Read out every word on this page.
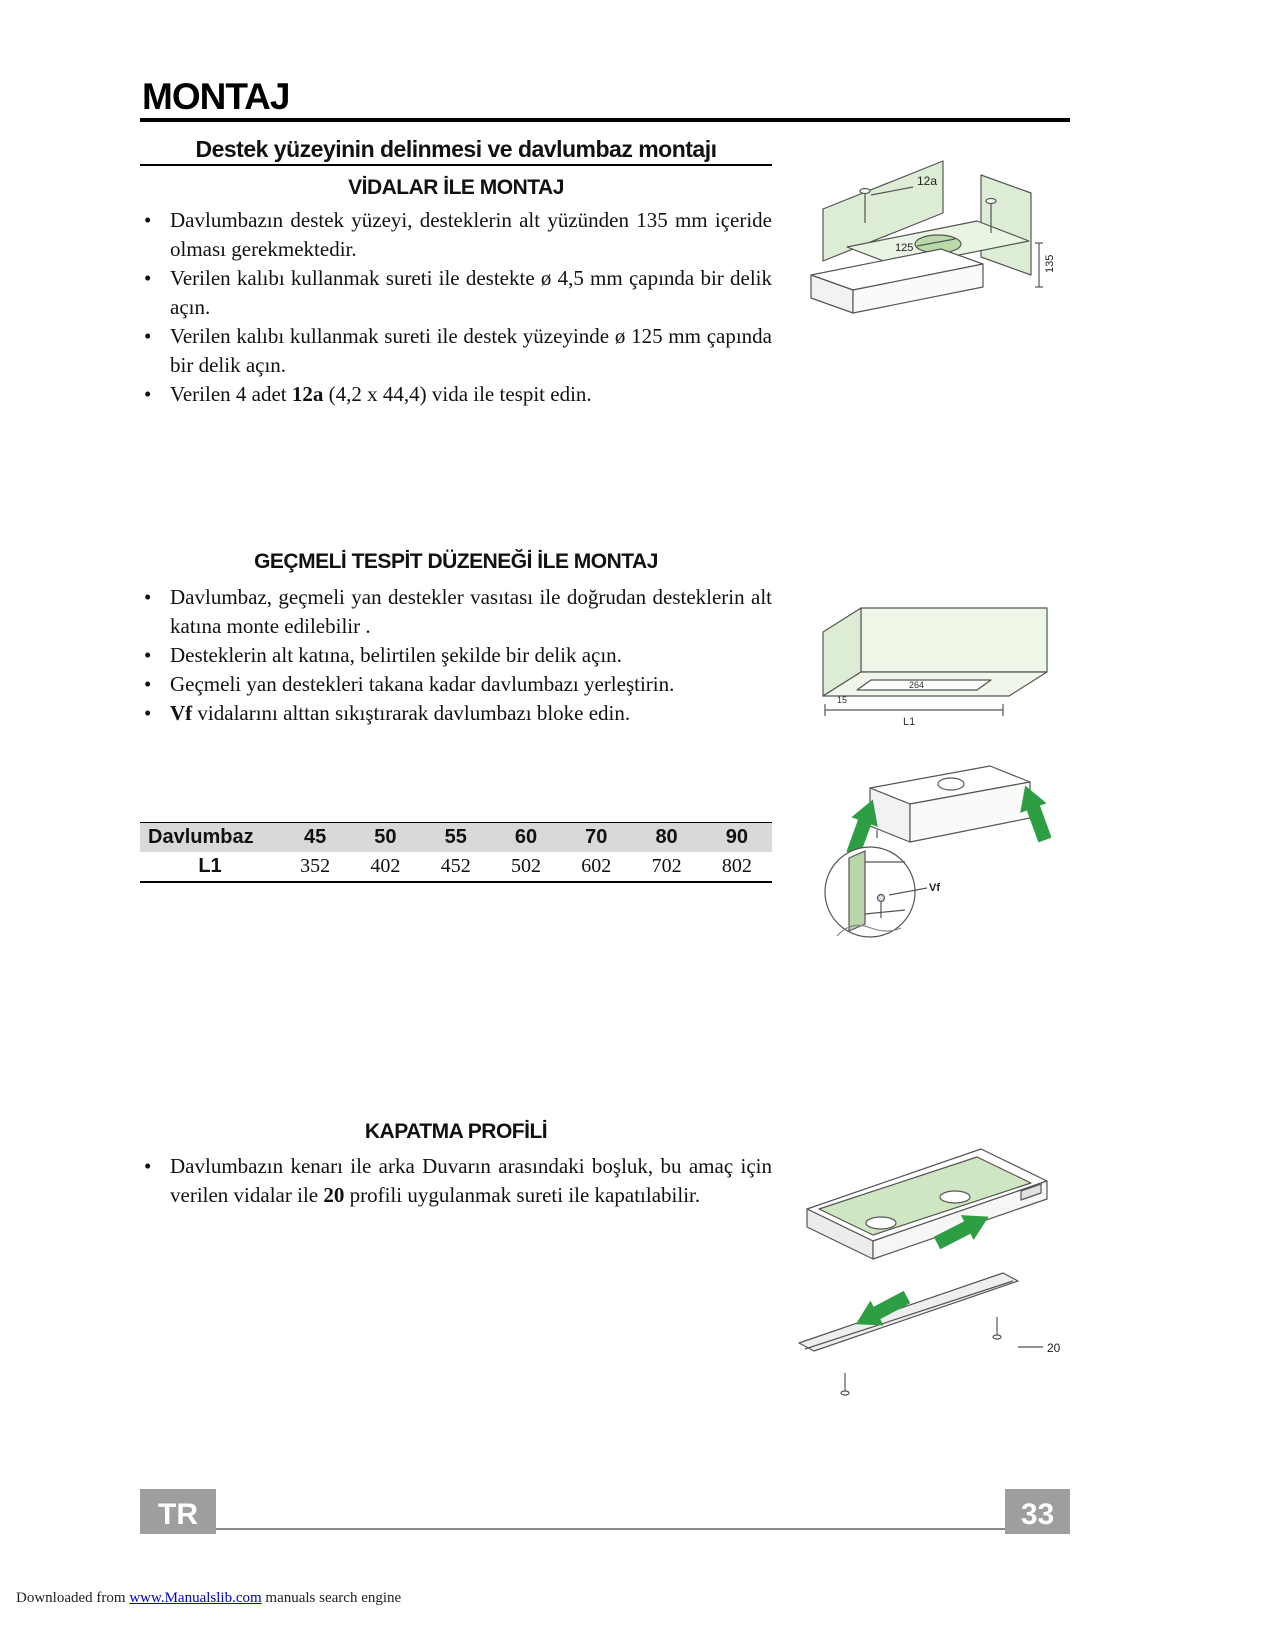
MONTAJ
Destek yüzeyinin delinmesi ve davlumbaz montajı
VİDALAR İLE MONTAJ
• Davlumbazın destek yüzeyi, desteklerin alt yüzünden 135 mm içeride olması gerekmektedir.
• Verilen kalıbı kullanmak sureti ile destekte ø 4,5 mm çapında bir delik açın.
• Verilen kalıbı kullanmak sureti ile destek yüzeyinde ø 125 mm çapında bir delik açın.
• Verilen 4 adet 12a (4,2 x 44,4) vida ile tespit edin.
12a
125
135
GEÇMELİ TESPİT DÜZENEĞİ İLE MONTAJ
• Davlumbaz, geçmeli yan destekler vasıtası ile doğrudan desteklerin alt katına monte edilebilir .
• Desteklerin alt katına, belirtilen şekilde bir delik açın.
• Geçmeli yan destekleri takana kadar davlumbazı yerleştirin.
• Vf vidalarını alttan sıkıştırarak davlumbazı bloke edin.
264
15
L1
Vf
Davlumbaz	45	50	55	60	70	80	90
L1	352	402	452	502	602	702	802
KAPATMA PROFİLİ
• Davlumbazın kenarı ile arka Duvarın arasındaki boşluk, bu amaç için verilen vidalar ile 20 profili uygulanmak sureti ile kapatılabilir.
20
TR	33
Downloaded from www.Manualslib.com manuals search engine
